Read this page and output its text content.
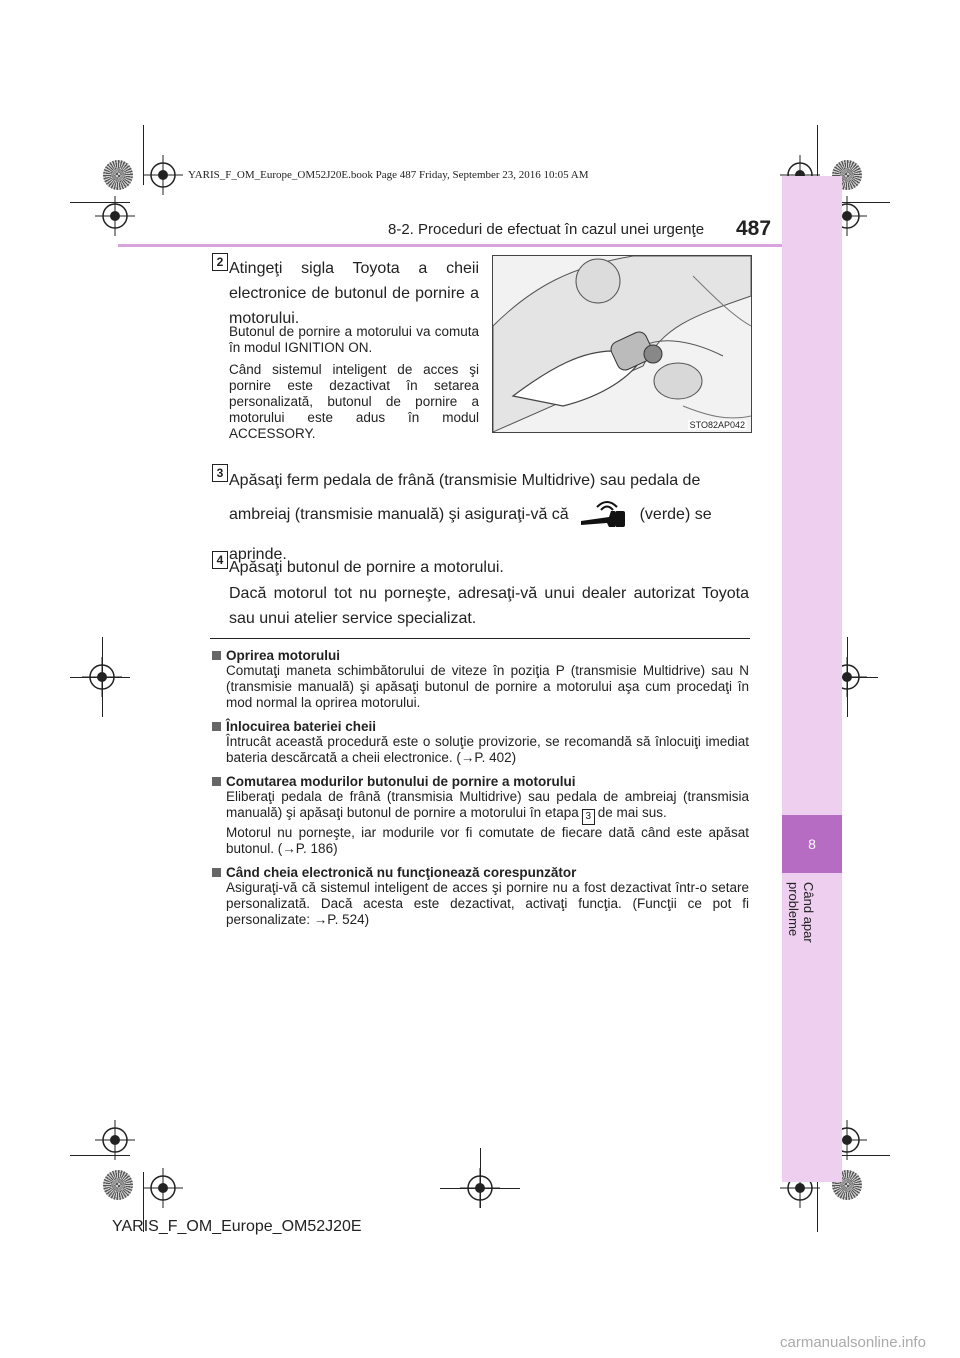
YARIS_F_OM_Europe_OM52J20E.book Page 487 Friday, September 23, 2016 10:05 AM
8
Când apar probleme
8-2. Proceduri de efectuat în cazul unei urgenţe 487
2 Atingeţi sigla Toyota a cheii electronice de butonul de pornire a motorului.
Butonul de pornire a motorului va comuta în modul IGNITION ON.
Când sistemul inteligent de acces şi pornire este dezactivat în setarea personalizată, butonul de pornire a motorului este adus în modul ACCESSORY.
STO82AP042
3 Apăsaţi ferm pedala de frână (transmisie Multidrive) sau pedala de ambreiaj (transmisie manuală) şi asiguraţi-vă că	(verde) se aprinde.
4 Apăsaţi butonul de pornire a motorului.
Dacă motorul tot nu porneşte, adresaţi-vă unui dealer autorizat Toyota sau unui atelier service specializat.
Oprirea motorului
Comutaţi maneta schimbătorului de viteze în poziţia P (transmisie Multidrive) sau N (transmisie manuală) şi apăsaţi butonul de pornire a motorului aşa cum procedaţi în mod normal la oprirea motorului.
Înlocuirea bateriei cheii
Întrucât această procedură este o soluţie provizorie, se recomandă să înlocuiţi imediat bateria descărcată a cheii electronice. (→P. 402)
Comutarea modurilor butonului de pornire a motorului
Eliberaţi pedala de frână (transmisia Multidrive) sau pedala de ambreiaj (transmisia manuală) şi apăsaţi butonul de pornire a motorului în etapa 3 de mai sus.
Motorul nu porneşte, iar modurile vor fi comutate de fiecare dată când este apăsat butonul. (→P. 186)
Când cheia electronică nu funcţionează corespunzător
Asiguraţi-vă că sistemul inteligent de acces şi pornire nu a fost dezactivat într-o setare personalizată. Dacă acesta este dezactivat, activaţi funcţia. (Funcţii ce pot fi personalizate: →P. 524)
YARIS_F_OM_Europe_OM52J20E
carmanualsonline.info
